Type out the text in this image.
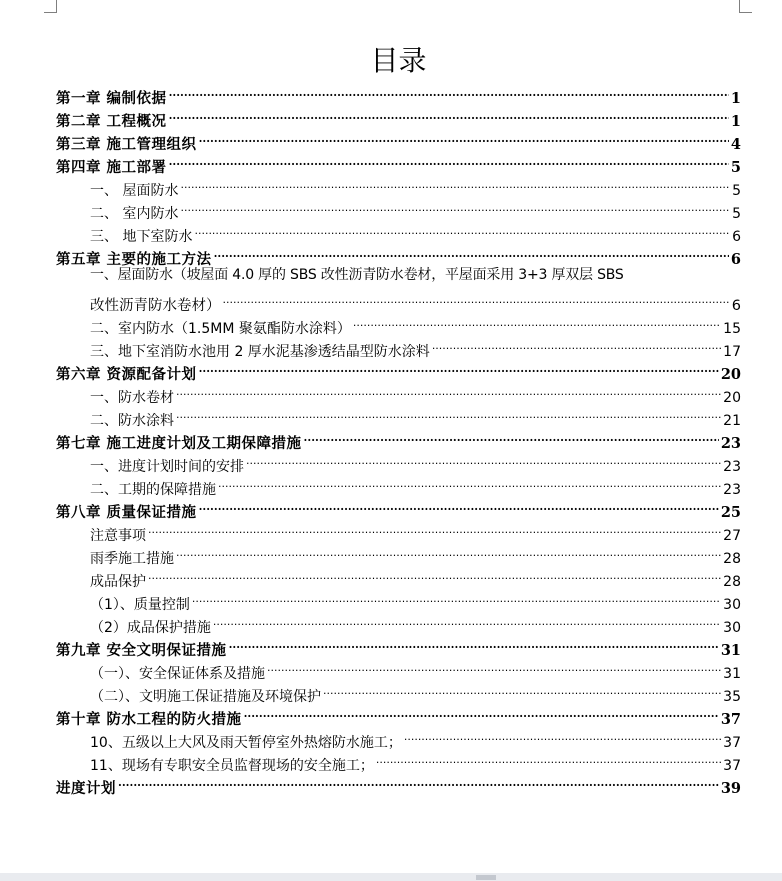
目录
第一章 编制依据 .....	1
第二章 工程概况 .....	1
第三章 施工管理组织 .....	4
第四章 施工部署 .....	5
一、 屋面防水 .....	5
二、 室内防水 .....	5
三、 地下室防水 .....	6
第五章 主要的施工方法 .....	6
一、屋面防水（坡屋面 4.0 厚的 SBS 改性沥青防水卷材，平屋面采用 3+3 厚双层 SBS
改性沥青防水卷材） .....	6
二、室内防水（1.5MM 聚氨酯防水涂料） .....	15
三、地下室消防水池用 2 厚水泥基渗透结晶型防水涂料 .....	17
第六章 资源配备计划 .....	20
一、防水卷材 .....	20
二、防水涂料 .....	21
第七章 施工进度计划及工期保障措施 .....	23
一、进度计划时间的安排 .....	23
二、工期的保障措施 .....	23
第八章 质量保证措施 .....	25
注意事项 .....	27
雨季施工措施 .....	28
成品保护 .....	28
（1）、质量控制 .....	30
（2）成品保护措施 .....	30
第九章 安全文明保证措施 .....	31
（一）、安全保证体系及措施 .....	31
（二）、文明施工保证措施及环境保护 .....	35
第十章 防水工程的防火措施 .....	37
10、五级以上大风及雨天暂停室外热熔防水施工； .....	37
11、现场有专职安全员监督现场的安全施工； .....	37
进度计划 .....	39
